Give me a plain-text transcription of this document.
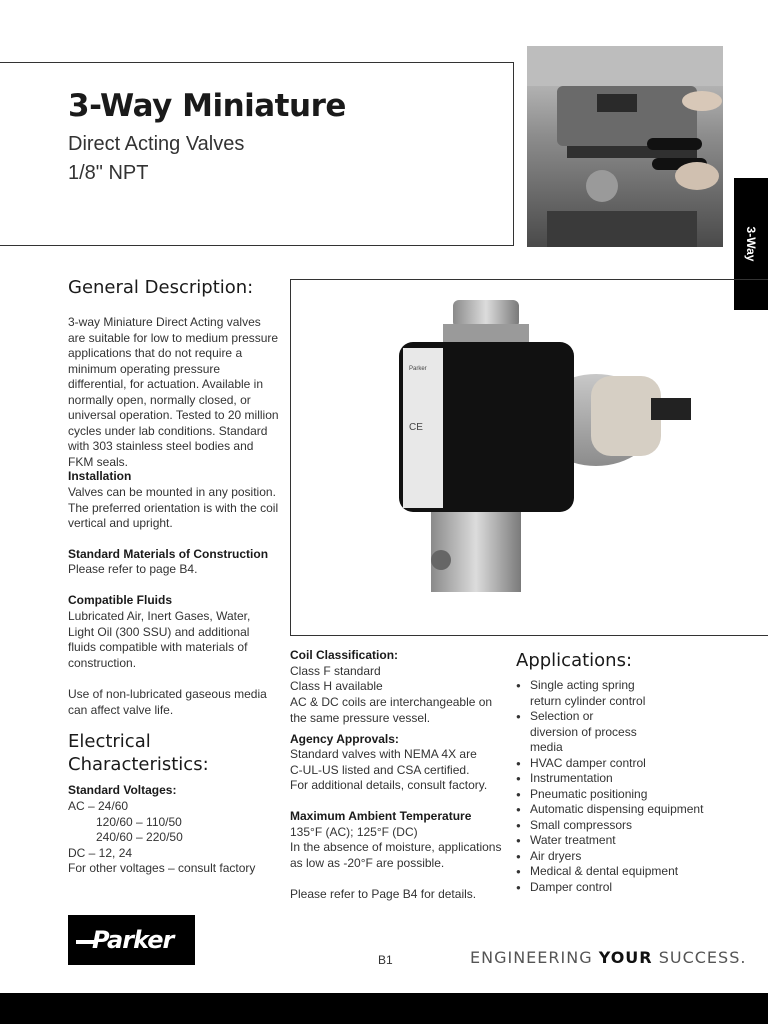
3-Way Miniature
Direct Acting Valves
1/8" NPT
3-Way
General Description:
3-way Miniature Direct Acting valves are suitable for low to medium pressure applications that do not require a minimum operating pressure differential, for actuation. Available in normally open, normally closed, or universal operation. Tested to 20 million cycles under lab conditions. Standard with 303 stainless steel bodies and FKM seals.
Installation
Valves can be mounted in any position. The preferred orientation is with the coil vertical and upright.
Standard Materials of Construction
Please refer to page B4.
Compatible Fluids
Lubricated Air, Inert Gases, Water, Light Oil (300 SSU) and additional fluids compatible with materials of construction.
Use of non-lubricated gaseous media can affect valve life.
Electrical
Characteristics:
Standard Voltages:
AC – 24/60
120/60 – 110/50
240/60 – 220/50
DC – 12, 24
For other voltages – consult factory
Parker
CE
Coil Classification:
Class F standard
Class H available
AC & DC coils are interchangeable on the same pressure vessel.
Agency Approvals:
Standard valves with NEMA 4X are C-UL-US listed and CSA certified. For additional details, consult factory.
Maximum Ambient Temperature
135°F (AC); 125°F (DC)
In the absence of moisture, applications as low as -20°F are possible.
Please refer to Page B4 for details.
Applications:
● Single acting spring return cylinder control
● Selection or diversion of process media
● HVAC damper control
● Instrumentation
● Pneumatic positioning
● Automatic dispensing equipment
● Small compressors
● Water treatment
● Air dryers
● Medical & dental equipment
● Damper control
Parker
B1	ENGINEERING YOUR SUCCESS.
